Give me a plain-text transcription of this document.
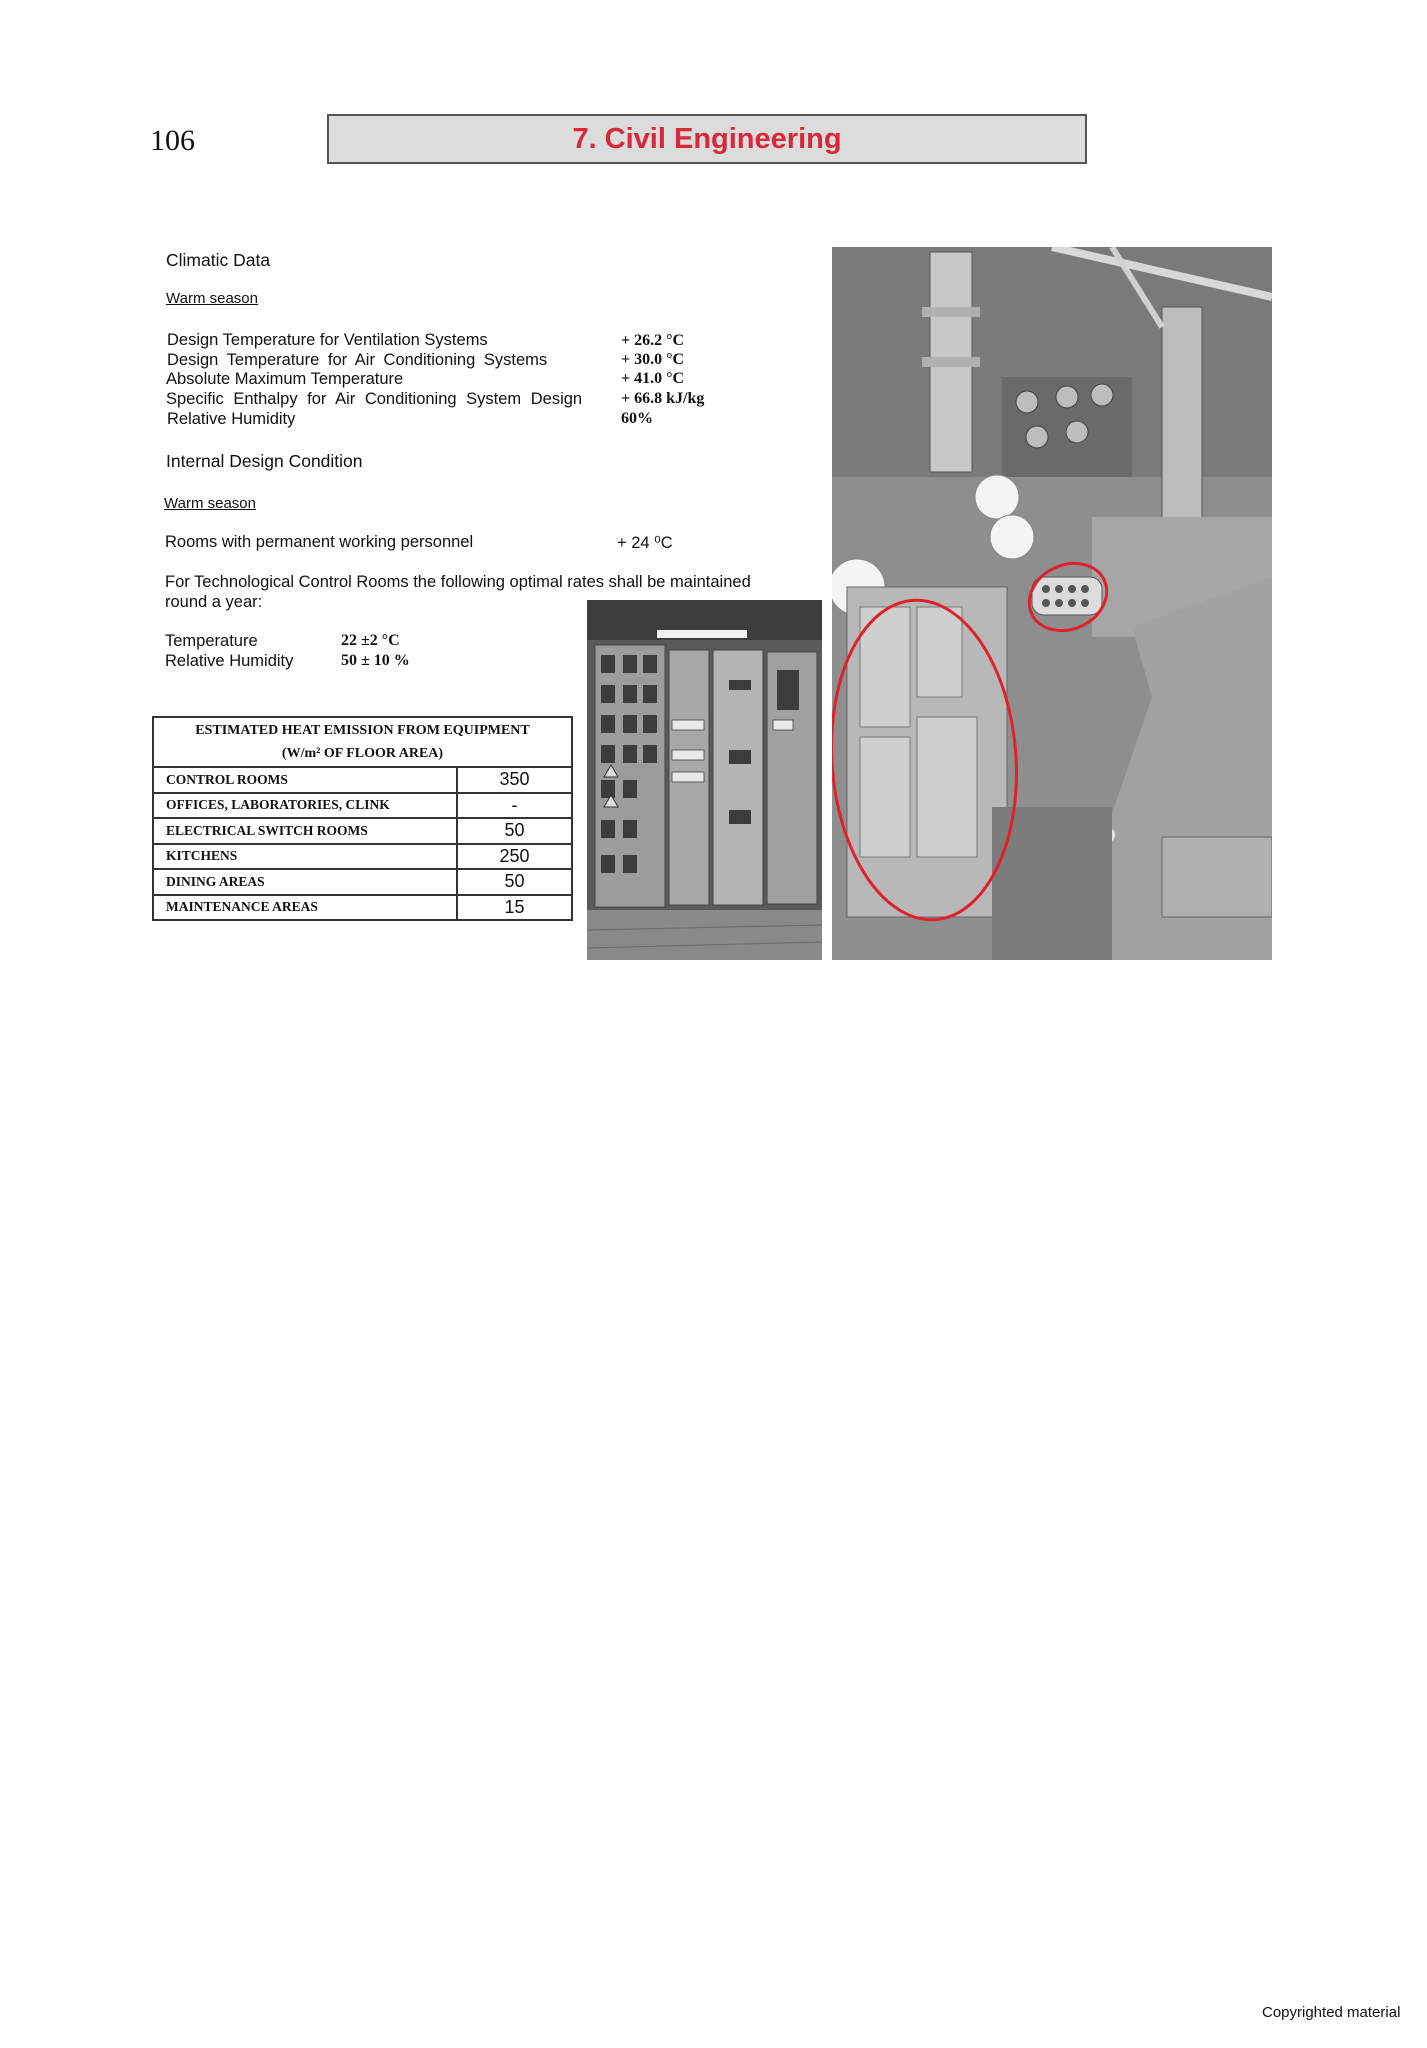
106	7. Civil Engineering
Climatic Data
Warm season
Design Temperature for Ventilation Systems	+ 26.2 °C
Design Temperature for Air Conditioning Systems	+ 30.0 °C
Absolute Maximum Temperature	+ 41.0 °C
Specific Enthalpy for Air Conditioning System Design + 66.8 kJ/kg
Relative Humidity	60%
Internal Design Condition
Warm season
Rooms with permanent working personnel	+ 24 ⁰C
For Technological Control Rooms the following optimal rates shall be maintained round a year:
Temperature	22 ±2 °C
Relative Humidity	50 ± 10 %
ESTIMATED HEAT EMISSION FROM EQUIPMENT
(W/m² OF FLOOR AREA)	

CONTROL ROOMS	350
OFFICES, LABORATORIES, CLINK	-
ELECTRICAL SWITCH ROOMS	50
KITCHENS	250
DINING AREAS	50
MAINTENANCE AREAS	15
Copyrighted material
